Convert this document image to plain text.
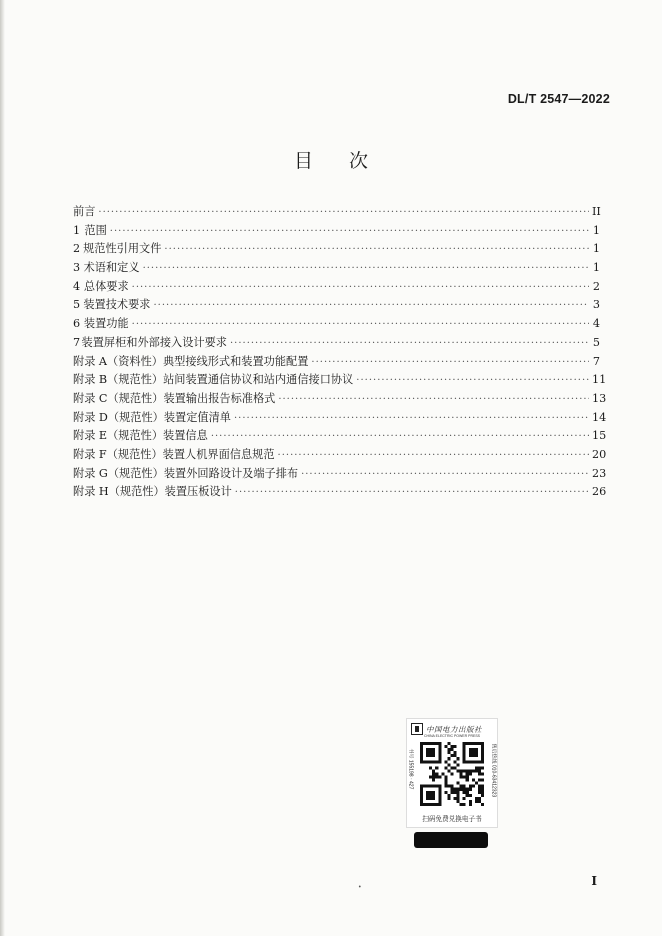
DL/T 2547—2022
目次
前言 ·····	II
1 范围 ·····	1
2 规范性引用文件 ·····	1
3 术语和定义 ·····	1
4 总体要求 ·····	2
5 装置技术要求 ·····	3
6 装置功能 ·····	4
7 装置屏柜和外部接入设计要求 ·····	5
附录 A（资料性） 典型接线形式和装置功能配置 ·····	7
附录 B（规范性） 站间装置通信协议和站内通信接口协议 ·····	11
附录 C（规范性） 装置输出报告标准格式 ·····	13
附录 D（规范性） 装置定值清单 ·····	14
附录 E（规范性） 装置信息 ·····	15
附录 F（规范性） 装置人机界面信息规范 ·····	20
附录 G（规范性） 装置外回路设计及端子排布 ·····	23
附录 H（规范性） 装置压板设计 ·····	26
中国电力出版社
CHINA ELECTRIC POWER PRESS
书号 155198 · 427	售后热线 010-63412323
扫码免费兑换电子书
•	I
